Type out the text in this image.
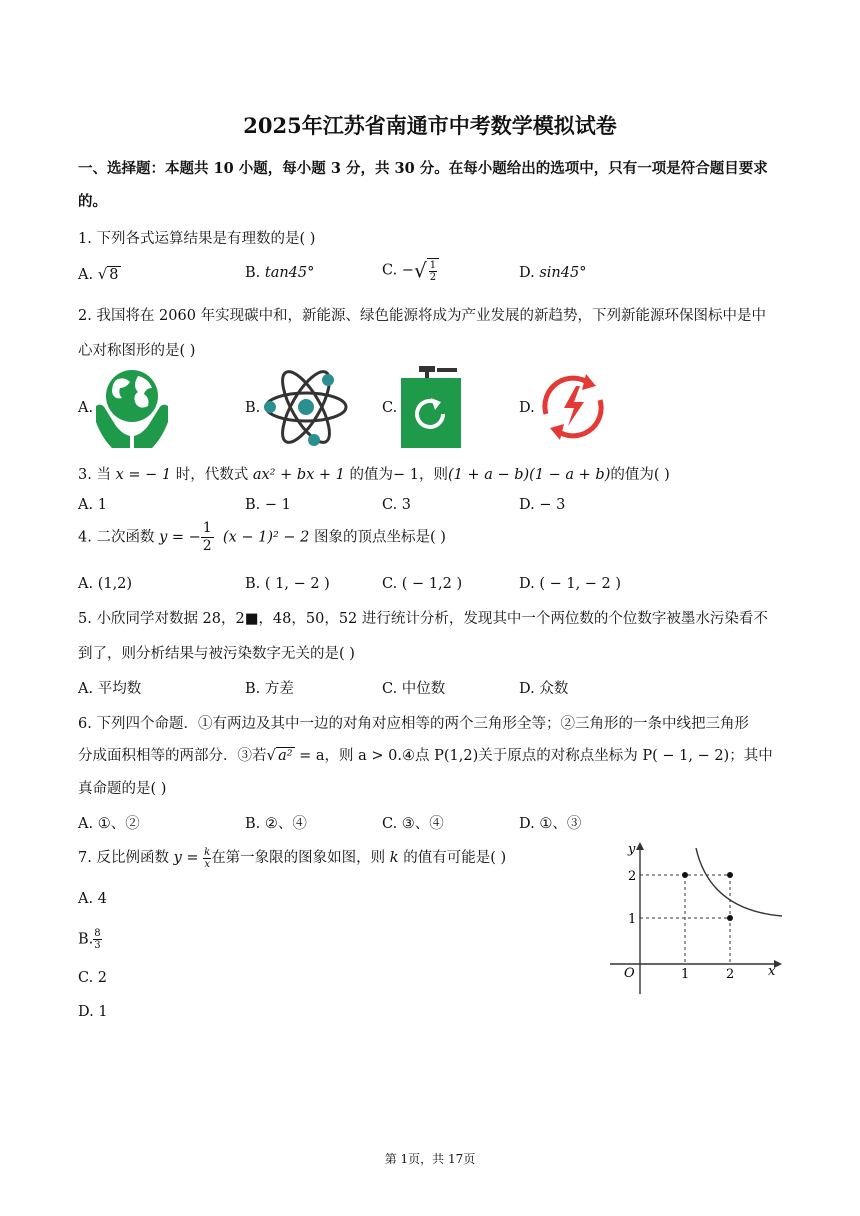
2025年江苏省南通市中考数学模拟试卷
一、选择题：本题共 10 小题，每小题 3 分，共 30 分。在每小题给出的选项中，只有一项是符合题目要求
的。
1. 下列各式运算结果是有理数的是( )
A. √ 8	B. tan45°	C. −√ $\frac{1}{2}$	D. sin45°
2. 我国将在 2060 年实现碳中和，新能源、绿色能源将成为产业发展的新趋势，下列新能源环保图标中是中
心对称图形的是( )
A.	B.	C.	D.
3. 当 x = − 1 时，代数式 ax² + bx + 1 的值为− 1，则(1 + a − b)(1 − a + b)的值为( )
A. 1	B. − 1	C. 3	D. − 3
4. 二次函数 y = − $\frac{1}{2} (x - 1)^2 - 2$ 图象的顶点坐标是( )
A. (1,2)	B. ( 1, − 2 )	C. ( − 1,2 )	D. ( − 1, − 2 )
5. 小欣同学对数据 28，2■，48，50，52 进行统计分析，发现其中一个两位数的个位数字被墨水污染看不
到了，则分析结果与被污染数字无关的是( )
A. 平均数	B. 方差	C. 中位数	D. 众数
6. 下列四个命题．①有两边及其中一边的对角对应相等的两个三角形全等；②三角形的一条中线把三角形
分成面积相等的两部分．③若√ a² = a，则 a > 0.④点 P(1,2)关于原点的对称点坐标为 P( − 1, − 2)；其中
真命题的是( )
A. ①、②	B. ②、④	C. ③、④	D. ①、③
7. 反比例函数 $y = \frac{k}{x}$ 在第一象限的图象如图，则 k 的值有可能是( )
A. 4
B. $\frac{8}{3}$
C. 2
D. 1
y
x
O	1	2
1
2
第 1页，共 17页
